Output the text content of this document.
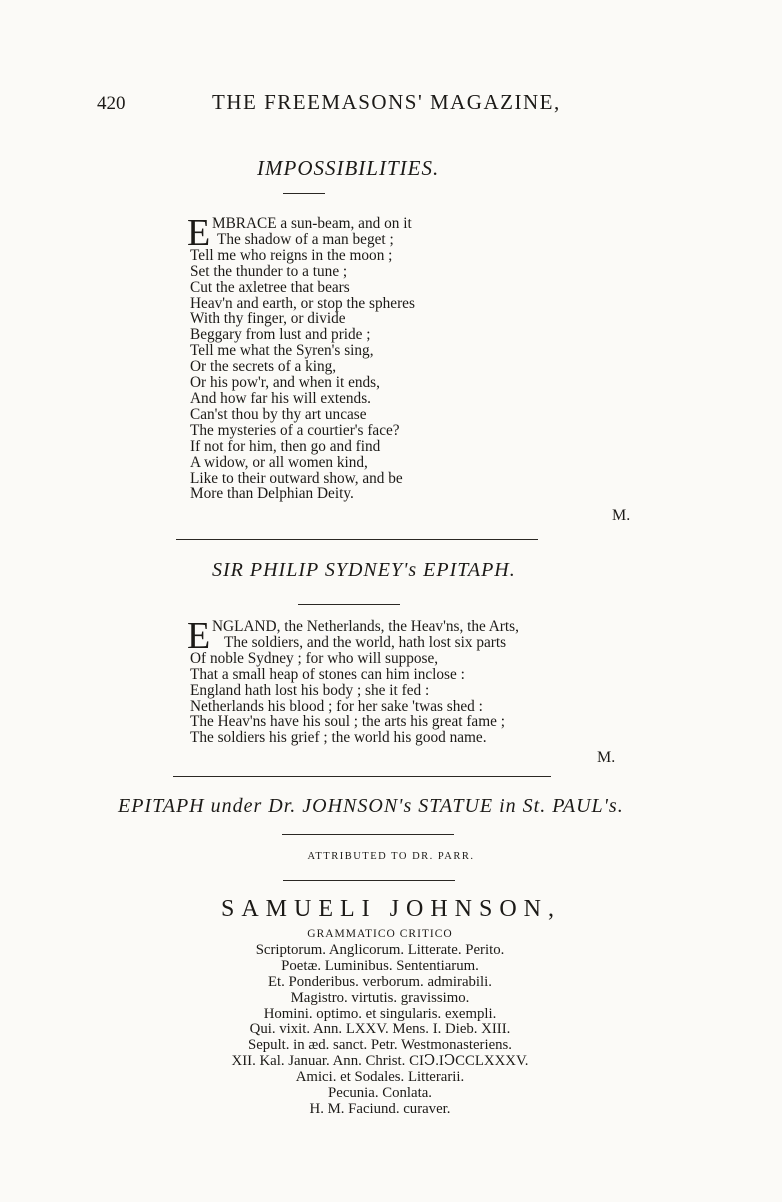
420	THE FREEMASONS' MAGAZINE,
IMPOSSIBILITIES.
E MBRACE a sun-beam, and on it
The shadow of a man beget ;
Tell me who reigns in the moon ;
Set the thunder to a tune ;
Cut the axletree that bears
Heav'n and earth, or stop the spheres
With thy finger, or divide
Beggary from lust and pride ;
Tell me what the Syren's sing,
Or the secrets of a king,
Or his pow'r, and when it ends,
And how far his will extends.
Can'st thou by thy art uncase
The mysteries of a courtier's face?
If not for him, then go and find
A widow, or all women kind,
Like to their outward show, and be
More than Delphian Deity.
M.
SIR PHILIP SYDNEY's EPITAPH.
E NGLAND, the Netherlands, the Heav'ns, the Arts,
The soldiers, and the world, hath lost six parts
Of noble Sydney ; for who will suppose,
That a small heap of stones can him inclose :
England hath lost his body ; she it fed :
Netherlands his blood ; for her sake 'twas shed :
The Heav'ns have his soul ; the arts his great fame ;
The soldiers his grief ; the world his good name.
M.
EPITAPH under Dr. JOHNSON's STATUE in St. PAUL's.
ATTRIBUTED TO DR. PARR.
SAMUELI JOHNSON,
GRAMMATICO CRITICO
Scriptorum. Anglicorum. Litterate. Perito.
Poetæ. Luminibus. Sententiarum.
Et. Ponderibus. verborum. admirabili.
Magistro. virtutis. gravissimo.
Homini. optimo. et singularis. exempli.
Qui. vixit. Ann. LXXV. Mens. I. Dieb. XIII.
Sepult. in æd. sanct. Petr. Westmonasteriens.
XII. Kal. Januar. Ann. Christ. CIↃ.IↃCCLXXXV.
Amici. et Sodales. Litterarii.
Pecunia. Conlata.
H. M. Faciund. curaver.
